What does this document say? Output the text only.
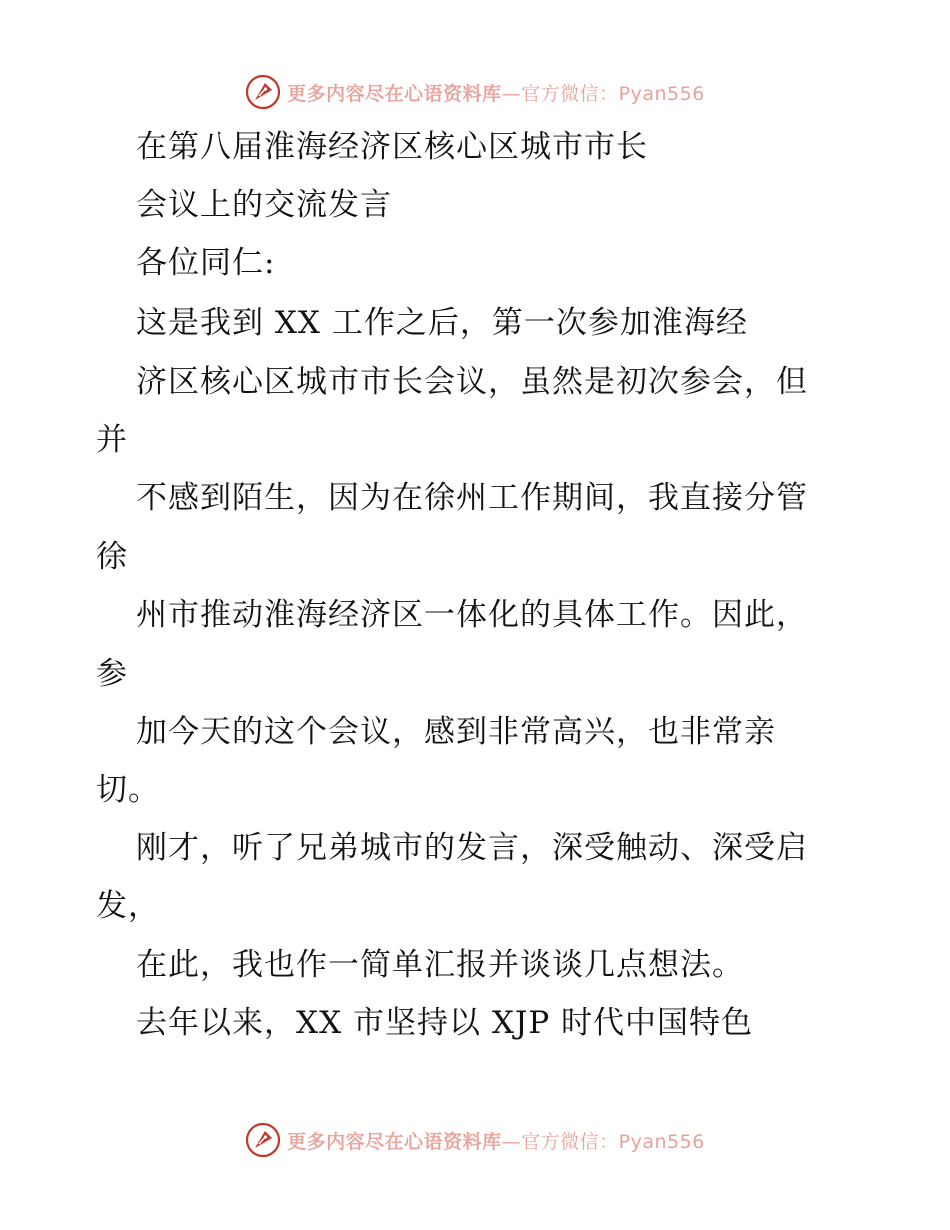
更多内容尽在心语资料库—官方微信：Pyan556
在第八届淮海经济区核心区城市市长
会议上的交流发言
各位同仁:
这是我到 XX 工作之后，第一次参加淮海经
济区核心区城市市长会议，虽然是初次参会，但
并
不感到陌生，因为在徐州工作期间，我直接分管
徐
州市推动淮海经济区一体化的具体工作。因此，
参
加今天的这个会议，感到非常高兴，也非常亲
切。
刚才，听了兄弟城市的发言，深受触动、深受启
发，
在此，我也作一简单汇报并谈谈几点想法。
去年以来，XX 市坚持以 XJP 时代中国特色
更多内容尽在心语资料库—官方微信：Pyan556
